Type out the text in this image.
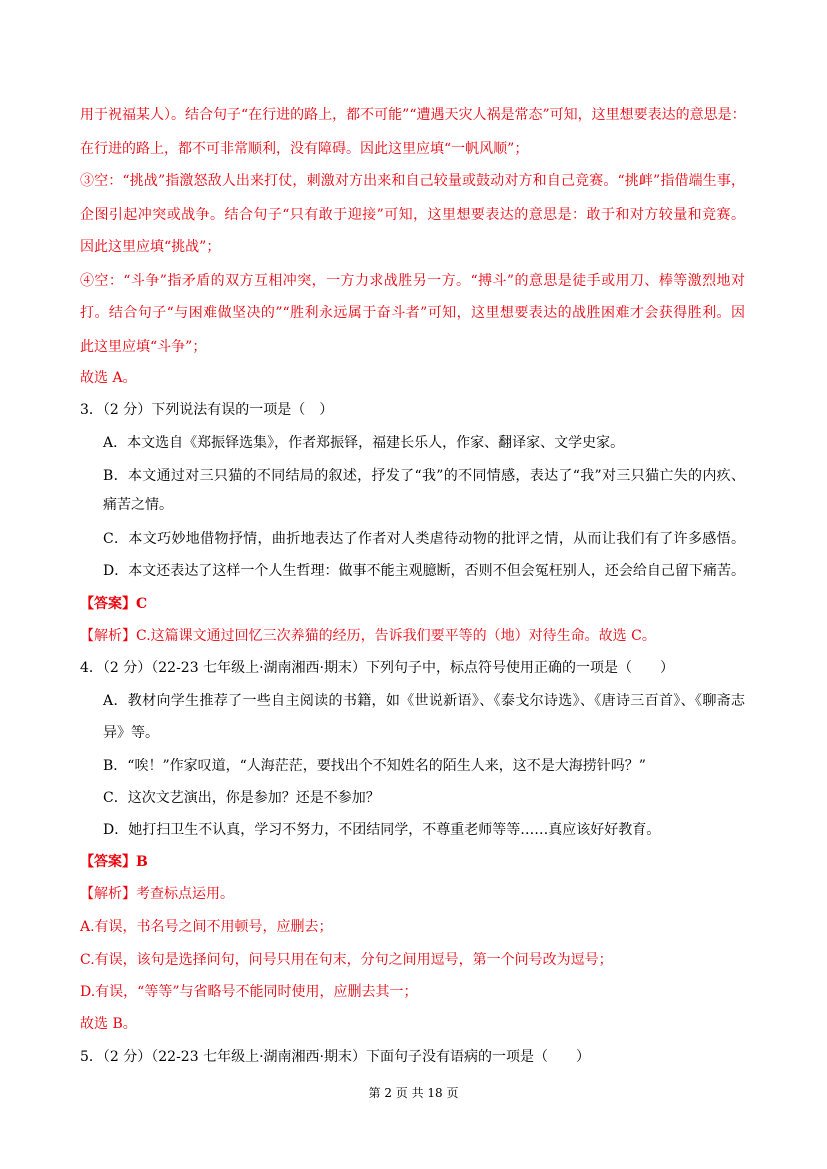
用于祝福某人）。结合句子“在行进的路上，都不可能”“遭遇天灾人祸是常态”可知，这里想要表达的意思是：
在行进的路上，都不可非常顺利，没有障碍。因此这里应填“一帆风顺”；
③空：“挑战”指激怒敌人出来打仗，刺激对方出来和自己较量或鼓动对方和自己竞赛。“挑衅”指借端生事，
企图引起冲突或战争。结合句子“只有敢于迎接”可知，这里想要表达的意思是：敢于和对方较量和竞赛。
因此这里应填“挑战”；
④空：“斗争”指矛盾的双方互相冲突，一方力求战胜另一方。“搏斗”的意思是徒手或用刀、棒等激烈地对
打。结合句子“与困难做坚决的”“胜利永远属于奋斗者”可知，这里想要表达的战胜困难才会获得胜利。因
此这里应填“斗争”；
故选 A。
3．（2 分）下列说法有误的一项是（　）
A．本文选自《郑振铎选集》，作者郑振铎，福建长乐人，作家、翻译家、文学史家。
B．本文通过对三只猫的不同结局的叙述，抒发了“我”的不同情感，表达了“我”对三只猫亡失的内疚、
痛苦之情。
C．本文巧妙地借物抒情，曲折地表达了作者对人类虐待动物的批评之情，从而让我们有了许多感悟。
D．本文还表达了这样一个人生哲理：做事不能主观臆断，否则不但会冤枉别人，还会给自己留下痛苦。
【答案】C
【解析】C.这篇课文通过回忆三次养猫的经历，告诉我们要平等的（地）对待生命。故选 C。
4．（2 分）（22-23 七年级上·湖南湘西·期末）下列句子中，标点符号使用正确的一项是（　　）
A．教材向学生推荐了一些自主阅读的书籍，如《世说新语》、《泰戈尔诗选》、《唐诗三百首》、《聊斋志
异》等。
B．“唉！”作家叹道，“人海茫茫，要找出个不知姓名的陌生人来，这不是大海捞针吗？”
C．这次文艺演出，你是参加？还是不参加？
D．她打扫卫生不认真，学习不努力，不团结同学，不尊重老师等等……真应该好好教育。
【答案】B
【解析】考查标点运用。
A.有误，书名号之间不用顿号，应删去；
C.有误，该句是选择问句，问号只用在句末，分句之间用逗号，第一个问号改为逗号；
D.有误，“等等”与省略号不能同时使用，应删去其一；
故选 B。
5．（2 分）（22-23 七年级上·湖南湘西·期末）下面句子没有语病的一项是（　　）
第 2 页 共 18 页
